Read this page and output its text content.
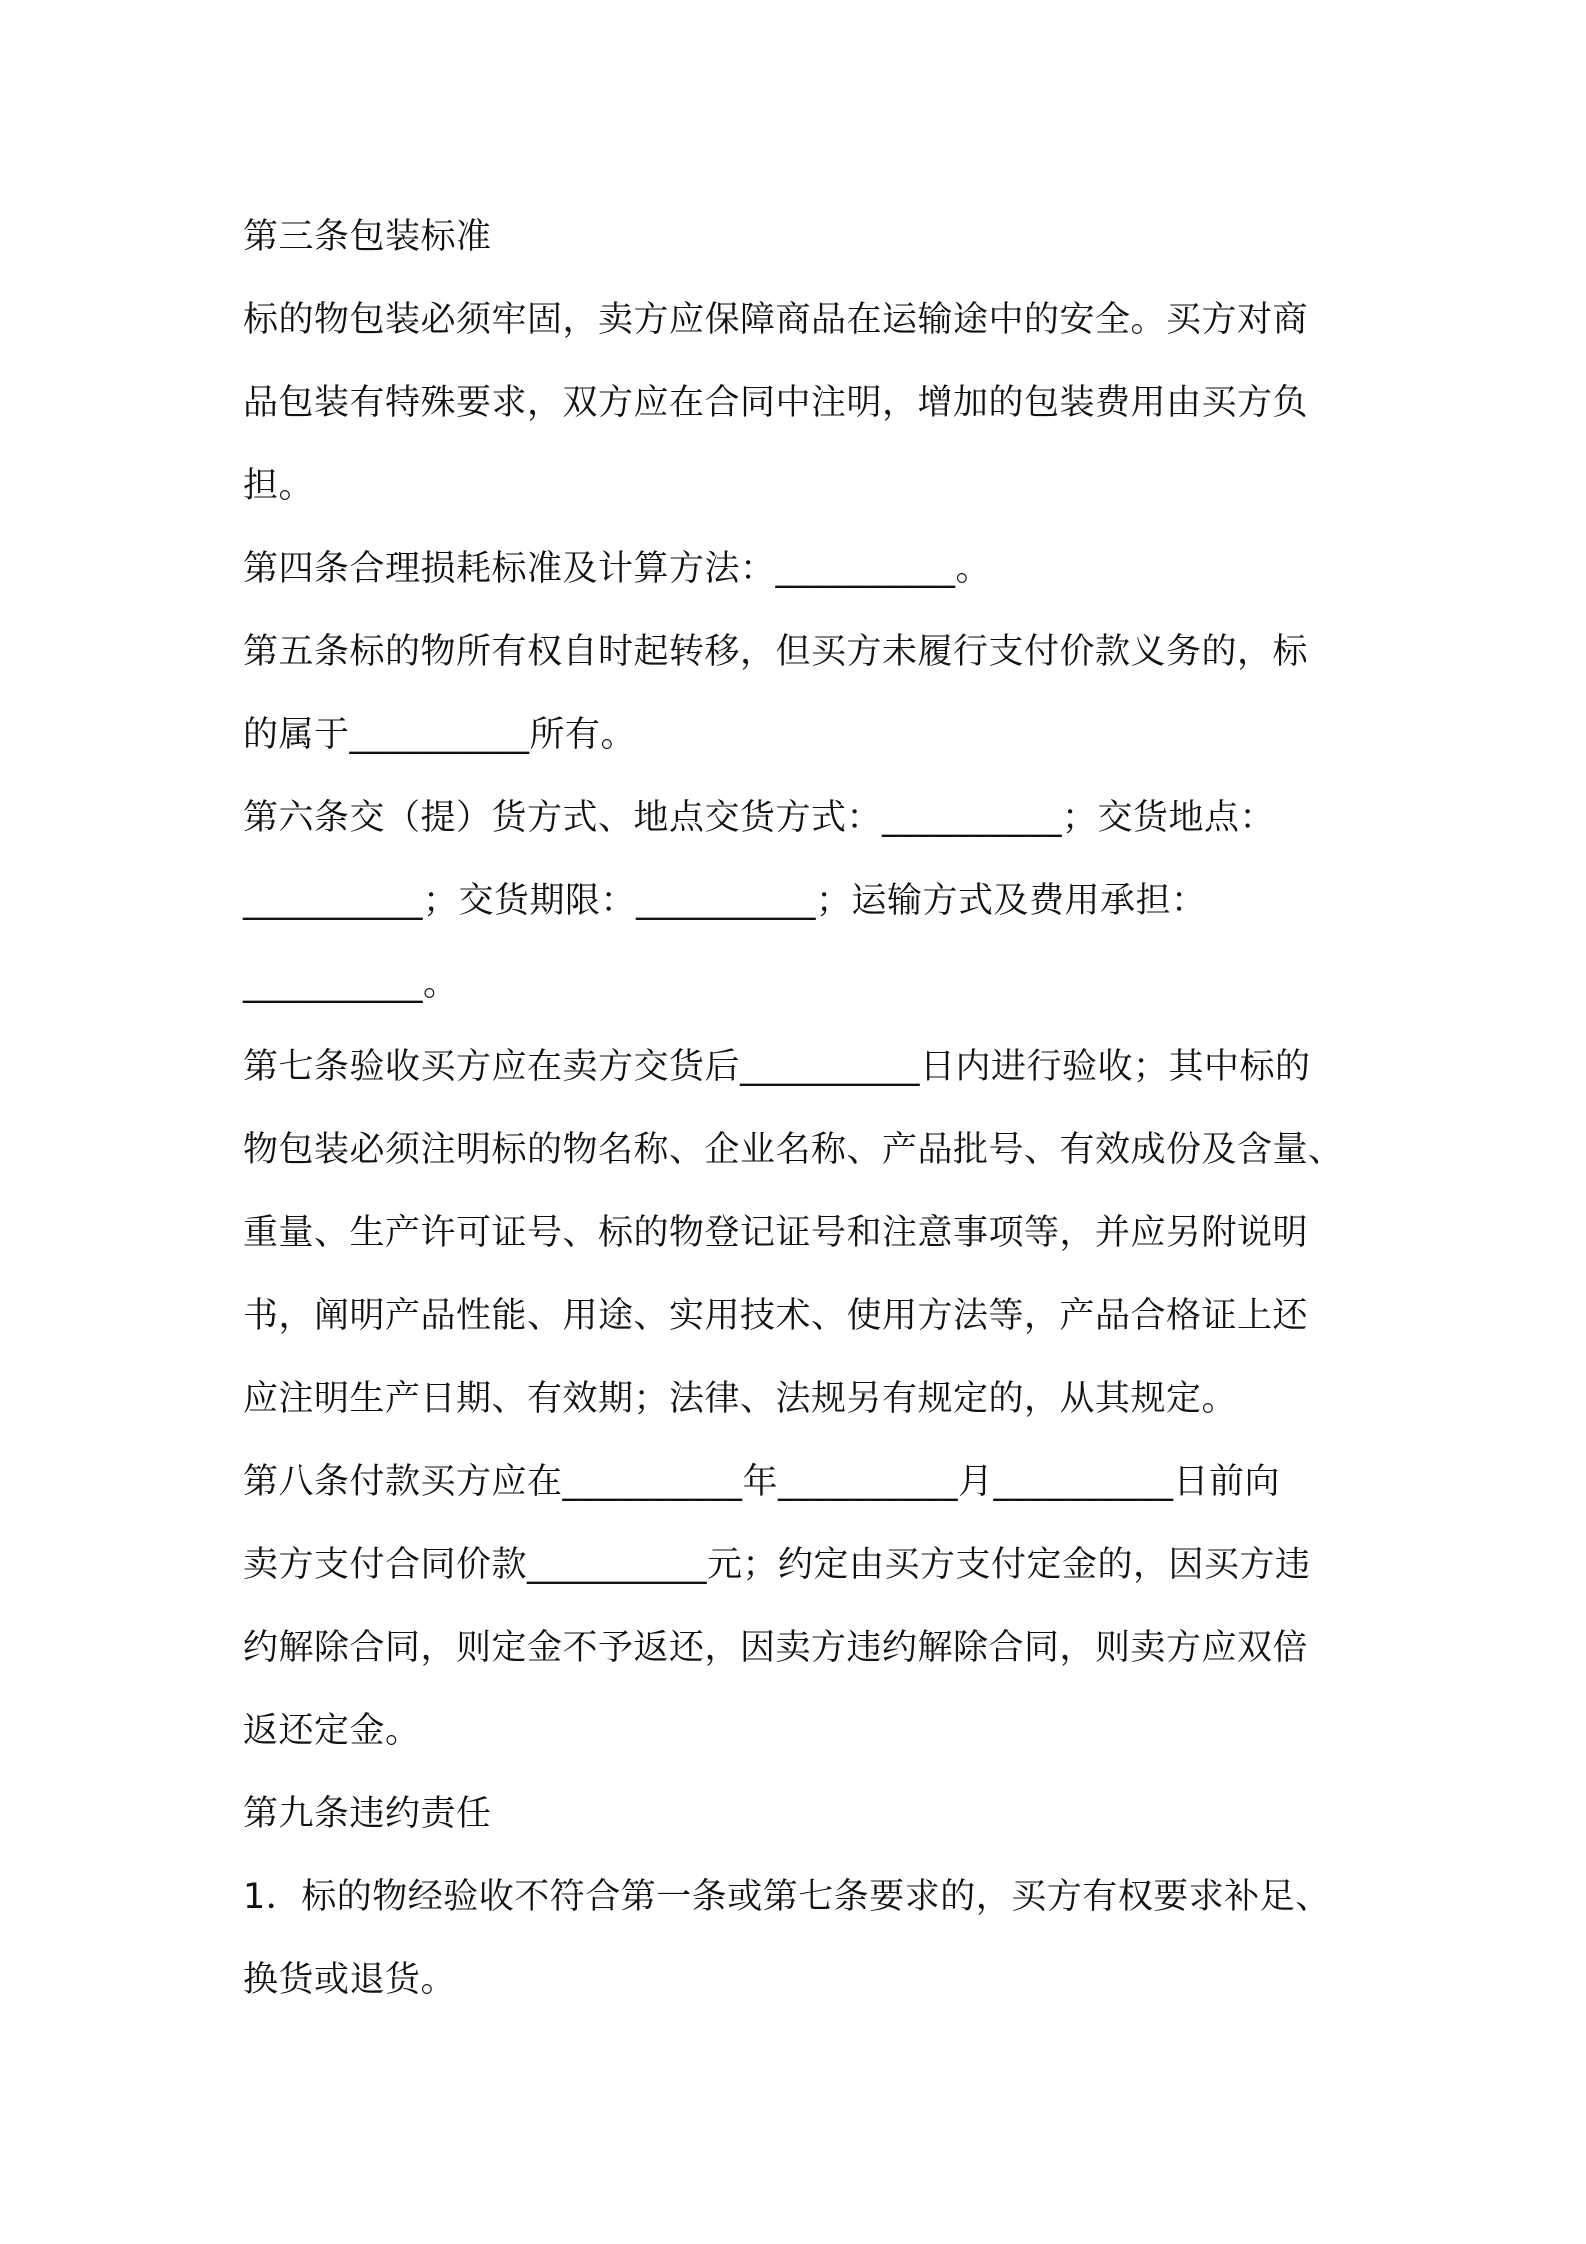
第三条包装标准
标的物包装必须牢固，卖方应保障商品在运输途中的安全。买方对商
品包装有特殊要求，双方应在合同中注明，增加的包装费用由买方负
担。
第四条合理损耗标准及计算方法：__________。
第五条标的物所有权自时起转移，但买方未履行支付价款义务的，标
的属于__________所有。
第六条交（提）货方式、地点交货方式：__________；交货地点：
__________；交货期限：__________；运输方式及费用承担：
__________。
第七条验收买方应在卖方交货后__________日内进行验收；其中标的
物包装必须注明标的物名称、企业名称、产品批号、有效成份及含量、
重量、生产许可证号、标的物登记证号和注意事项等，并应另附说明
书，阐明产品性能、用途、实用技术、使用方法等，产品合格证上还
应注明生产日期、有效期；法律、法规另有规定的，从其规定。
第八条付款买方应在__________年__________月__________日前向
卖方支付合同价款__________元；约定由买方支付定金的，因买方违
约解除合同，则定金不予返还，因卖方违约解除合同，则卖方应双倍
返还定金。
第九条违约责任
1．标的物经验收不符合第一条或第七条要求的，买方有权要求补足、
换货或退货。
